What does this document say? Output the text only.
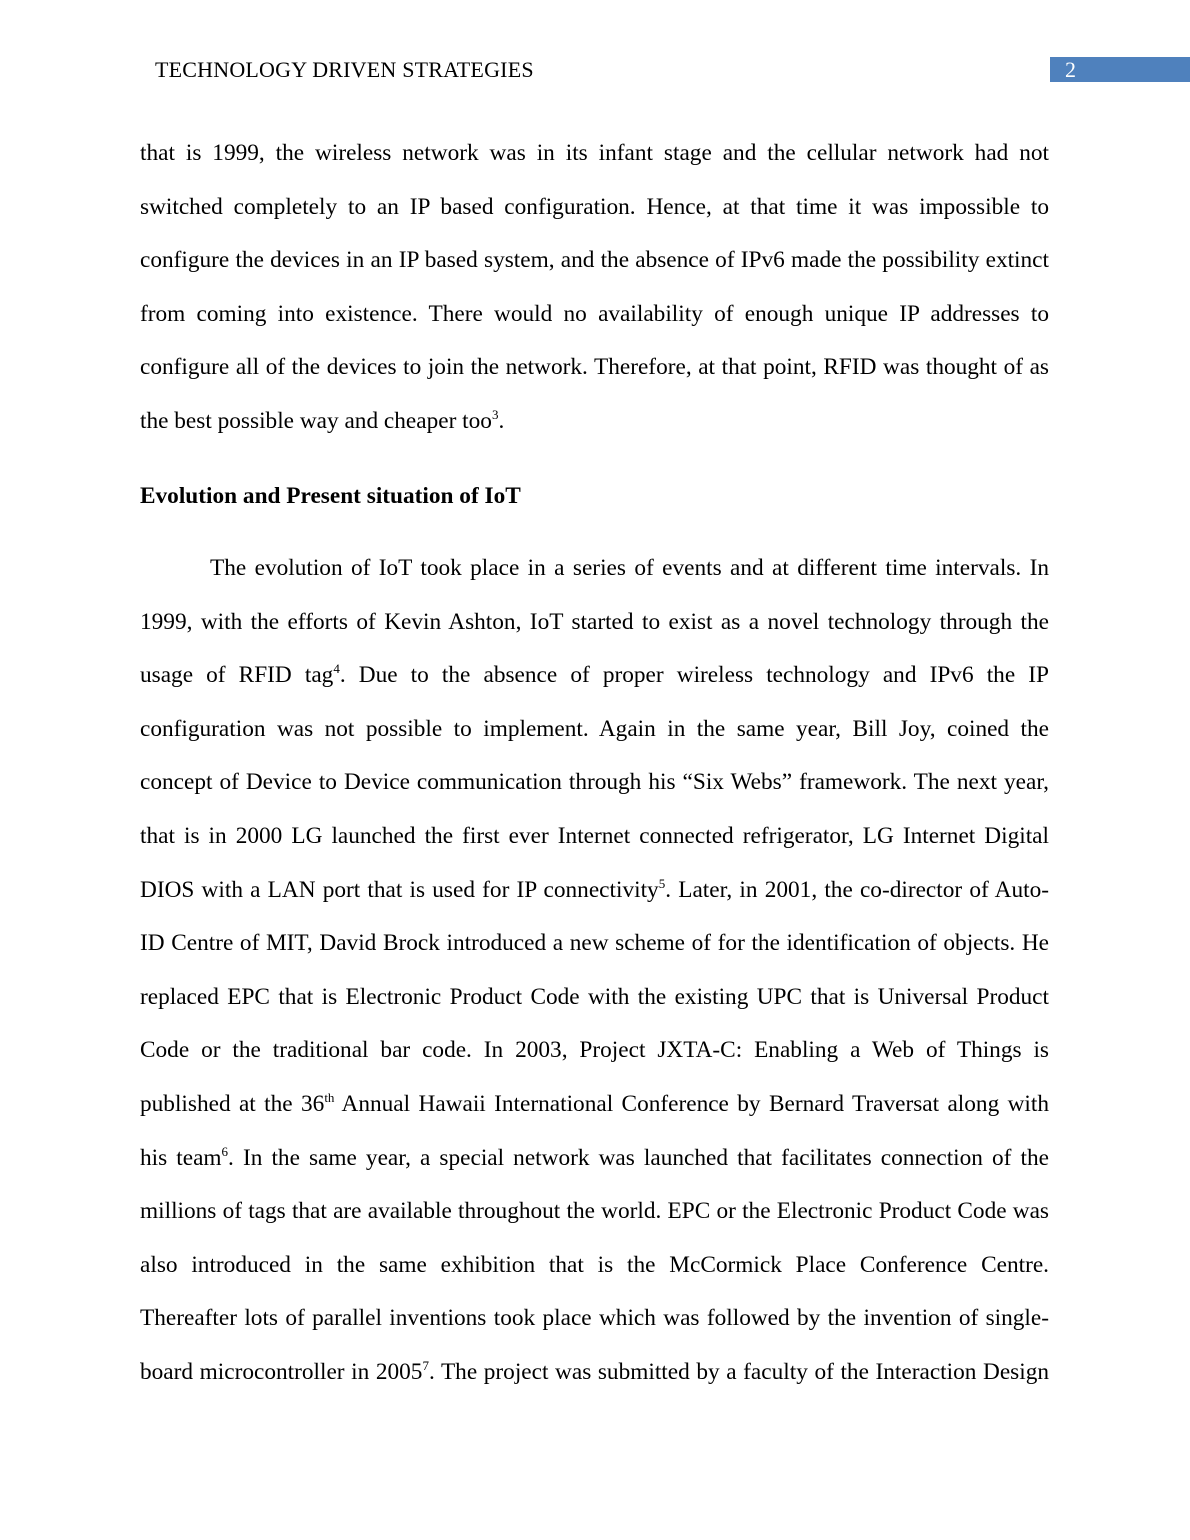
TECHNOLOGY DRIVEN STRATEGIES	2
that is 1999, the wireless network was in its infant stage and the cellular network had not
switched completely to an IP based configuration. Hence, at that time it was impossible to
configure the devices in an IP based system, and the absence of IPv6 made the possibility extinct
from coming into existence. There would no availability of enough unique IP addresses to
configure all of the devices to join the network. Therefore, at that point, RFID was thought of as
the best possible way and cheaper too$^3$.
Evolution and Present situation of IoT
The evolution of IoT took place in a series of events and at different time intervals. In
1999, with the efforts of Kevin Ashton, IoT started to exist as a novel technology through the
usage of RFID tag$^4$. Due to the absence of proper wireless technology and IPv6 the IP
configuration was not possible to implement. Again in the same year, Bill Joy, coined the
concept of Device to Device communication through his “Six Webs” framework. The next year,
that is in 2000 LG launched the first ever Internet connected refrigerator, LG Internet Digital
DIOS with a LAN port that is used for IP connectivity$^5$. Later, in 2001, the co-director of Auto-
ID Centre of MIT, David Brock introduced a new scheme of for the identification of objects. He
replaced EPC that is Electronic Product Code with the existing UPC that is Universal Product
Code or the traditional bar code. In 2003, Project JXTA-C: Enabling a Web of Things is
published at the 36th Annual Hawaii International Conference by Bernard Traversat along with
his team$^6$. In the same year, a special network was launched that facilitates connection of the
millions of tags that are available throughout the world. EPC or the Electronic Product Code was
also introduced in the same exhibition that is the McCormick Place Conference Centre.
Thereafter lots of parallel inventions took place which was followed by the invention of single-
board microcontroller in 2005$^7$. The project was submitted by a faculty of the Interaction Design
